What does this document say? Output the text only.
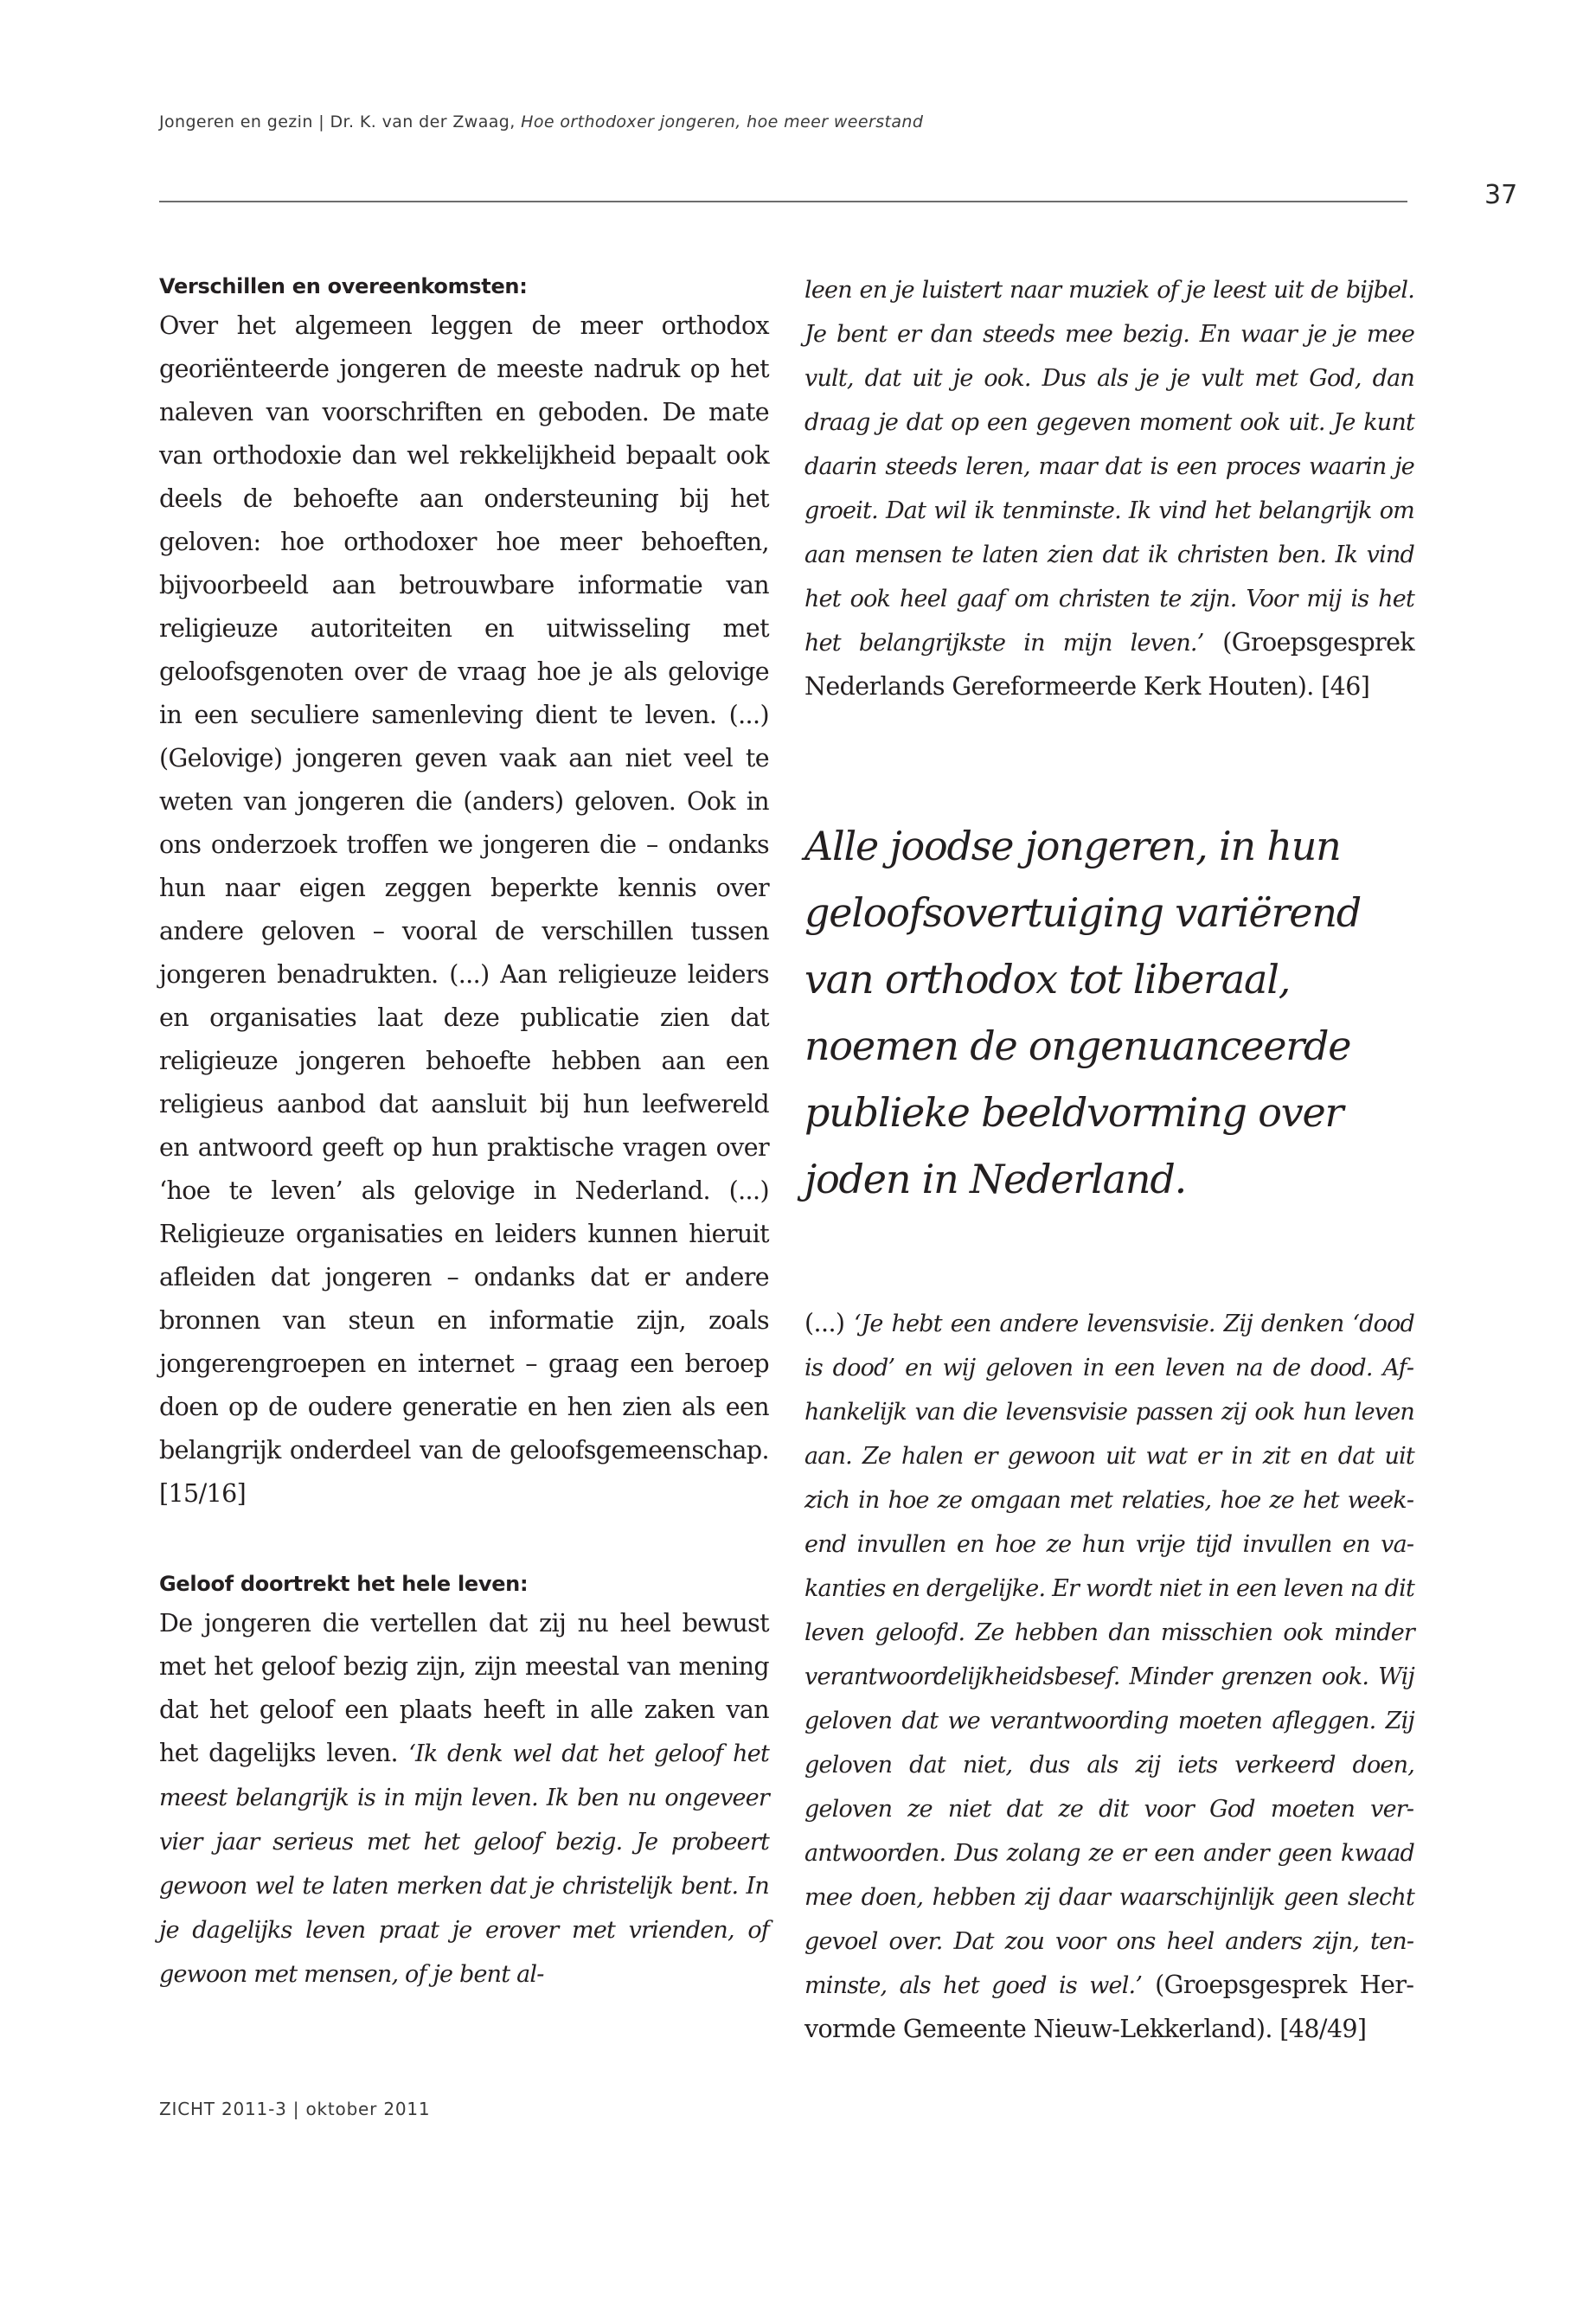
Jongeren en gezin | Dr. K. van der Zwaag, Hoe orthodoxer jongeren, hoe meer weerstand
37
Verschillen en overeenkomsten:

Over het algemeen leggen de meer orthodox georiënteerde jongeren de meeste nadruk op het naleven van voorschriften en geboden. De mate van orthodoxie dan wel rekkelijkheid bepaalt ook deels de behoefte aan ondersteuning bij het geloven: hoe orthodoxer hoe meer behoeften, bijvoorbeeld aan betrouwbare informatie van religieuze autoriteiten en uitwisseling met geloofsgenoten over de vraag hoe je als gelovige in een seculiere samenleving dient te leven. (...) (Gelovige) jongeren geven vaak aan niet veel te weten van jongeren die (anders) geloven. Ook in ons onderzoek troffen we jongeren die – ondanks hun naar eigen zeggen beperkte kennis over andere geloven – vooral de verschillen tussen jongeren benadrukten. (...) Aan religieuze leiders en organisaties laat deze publicatie zien dat religieuze jongeren behoefte hebben aan een religieus aanbod dat aansluit bij hun leefwereld en antwoord geeft op hun praktische vragen over ‘hoe te leven’ als gelovige in Nederland. (...) Religieuze organisaties en leiders kunnen hieruit afleiden dat jongeren – ondanks dat er andere bronnen van steun en informatie zijn, zoals jongerengroepen en internet – graag een beroep doen op de oudere generatie en hen zien als een belangrijk onderdeel van de geloofsgemeenschap. [15/16]

Geloof doortrekt het hele leven:

De jongeren die vertellen dat zij nu heel bewust met het geloof bezig zijn, zijn meestal van mening dat het geloof een plaats heeft in alle zaken van het dagelijks leven. ‘Ik denk wel dat het geloof het meest belangrijk is in mijn leven. Ik ben nu ongeveer vier jaar serieus met het geloof bezig. Je probeert gewoon wel te laten merken dat je christelijk bent. In je dagelijks leven praat je erover met vrienden, of gewoon met mensen, of je bent al-

leen en je luistert naar muziek of je leest uit de bijbel. Je bent er dan steeds mee bezig. En waar je je mee vult, dat uit je ook. Dus als je je vult met God, dan draag je dat op een gegeven moment ook uit. Je kunt daarin steeds leren, maar dat is een proces waarin je groeit. Dat wil ik tenminste. Ik vind het belangrijk om aan mensen te laten zien dat ik christen ben. Ik vind het ook heel gaaf om christen te zijn. Voor mij is het het belangrijkste in mijn leven.’ (Groepsgesprek Nederlands Gereformeerde Kerk Houten). [46]

Alle joodse jongeren, in hun geloofsovertuiging variërend van orthodox tot liberaal, noemen de ongenuanceerde publieke beeldvorming over joden in Nederland.

(...) ‘Je hebt een andere levensvisie. Zij denken ‘dood is dood’ en wij geloven in een leven na de dood. Afhankelijk van die levensvisie passen zij ook hun leven aan. Ze halen er gewoon uit wat er in zit en dat uit zich in hoe ze omgaan met relaties, hoe ze het weekend invullen en hoe ze hun vrije tijd invullen en vakanties en dergelijke. Er wordt niet in een leven na dit leven geloofd. Ze hebben dan misschien ook minder verantwoordelijkheidsbesef. Minder grenzen ook. Wij geloven dat we verantwoording moeten afleggen. Zij geloven dat niet, dus als zij iets verkeerd doen, geloven ze niet dat ze dit voor God moeten verantwoorden. Dus zolang ze er een ander geen kwaad mee doen, hebben zij daar waarschijnlijk geen slecht gevoel over. Dat zou voor ons heel anders zijn, tenminste, als het goed is wel.’ (Groepsgesprek Hervormde Gemeente Nieuw-Lekkerland). [48/49]

ZICHT 2011-3 | oktober 2011
